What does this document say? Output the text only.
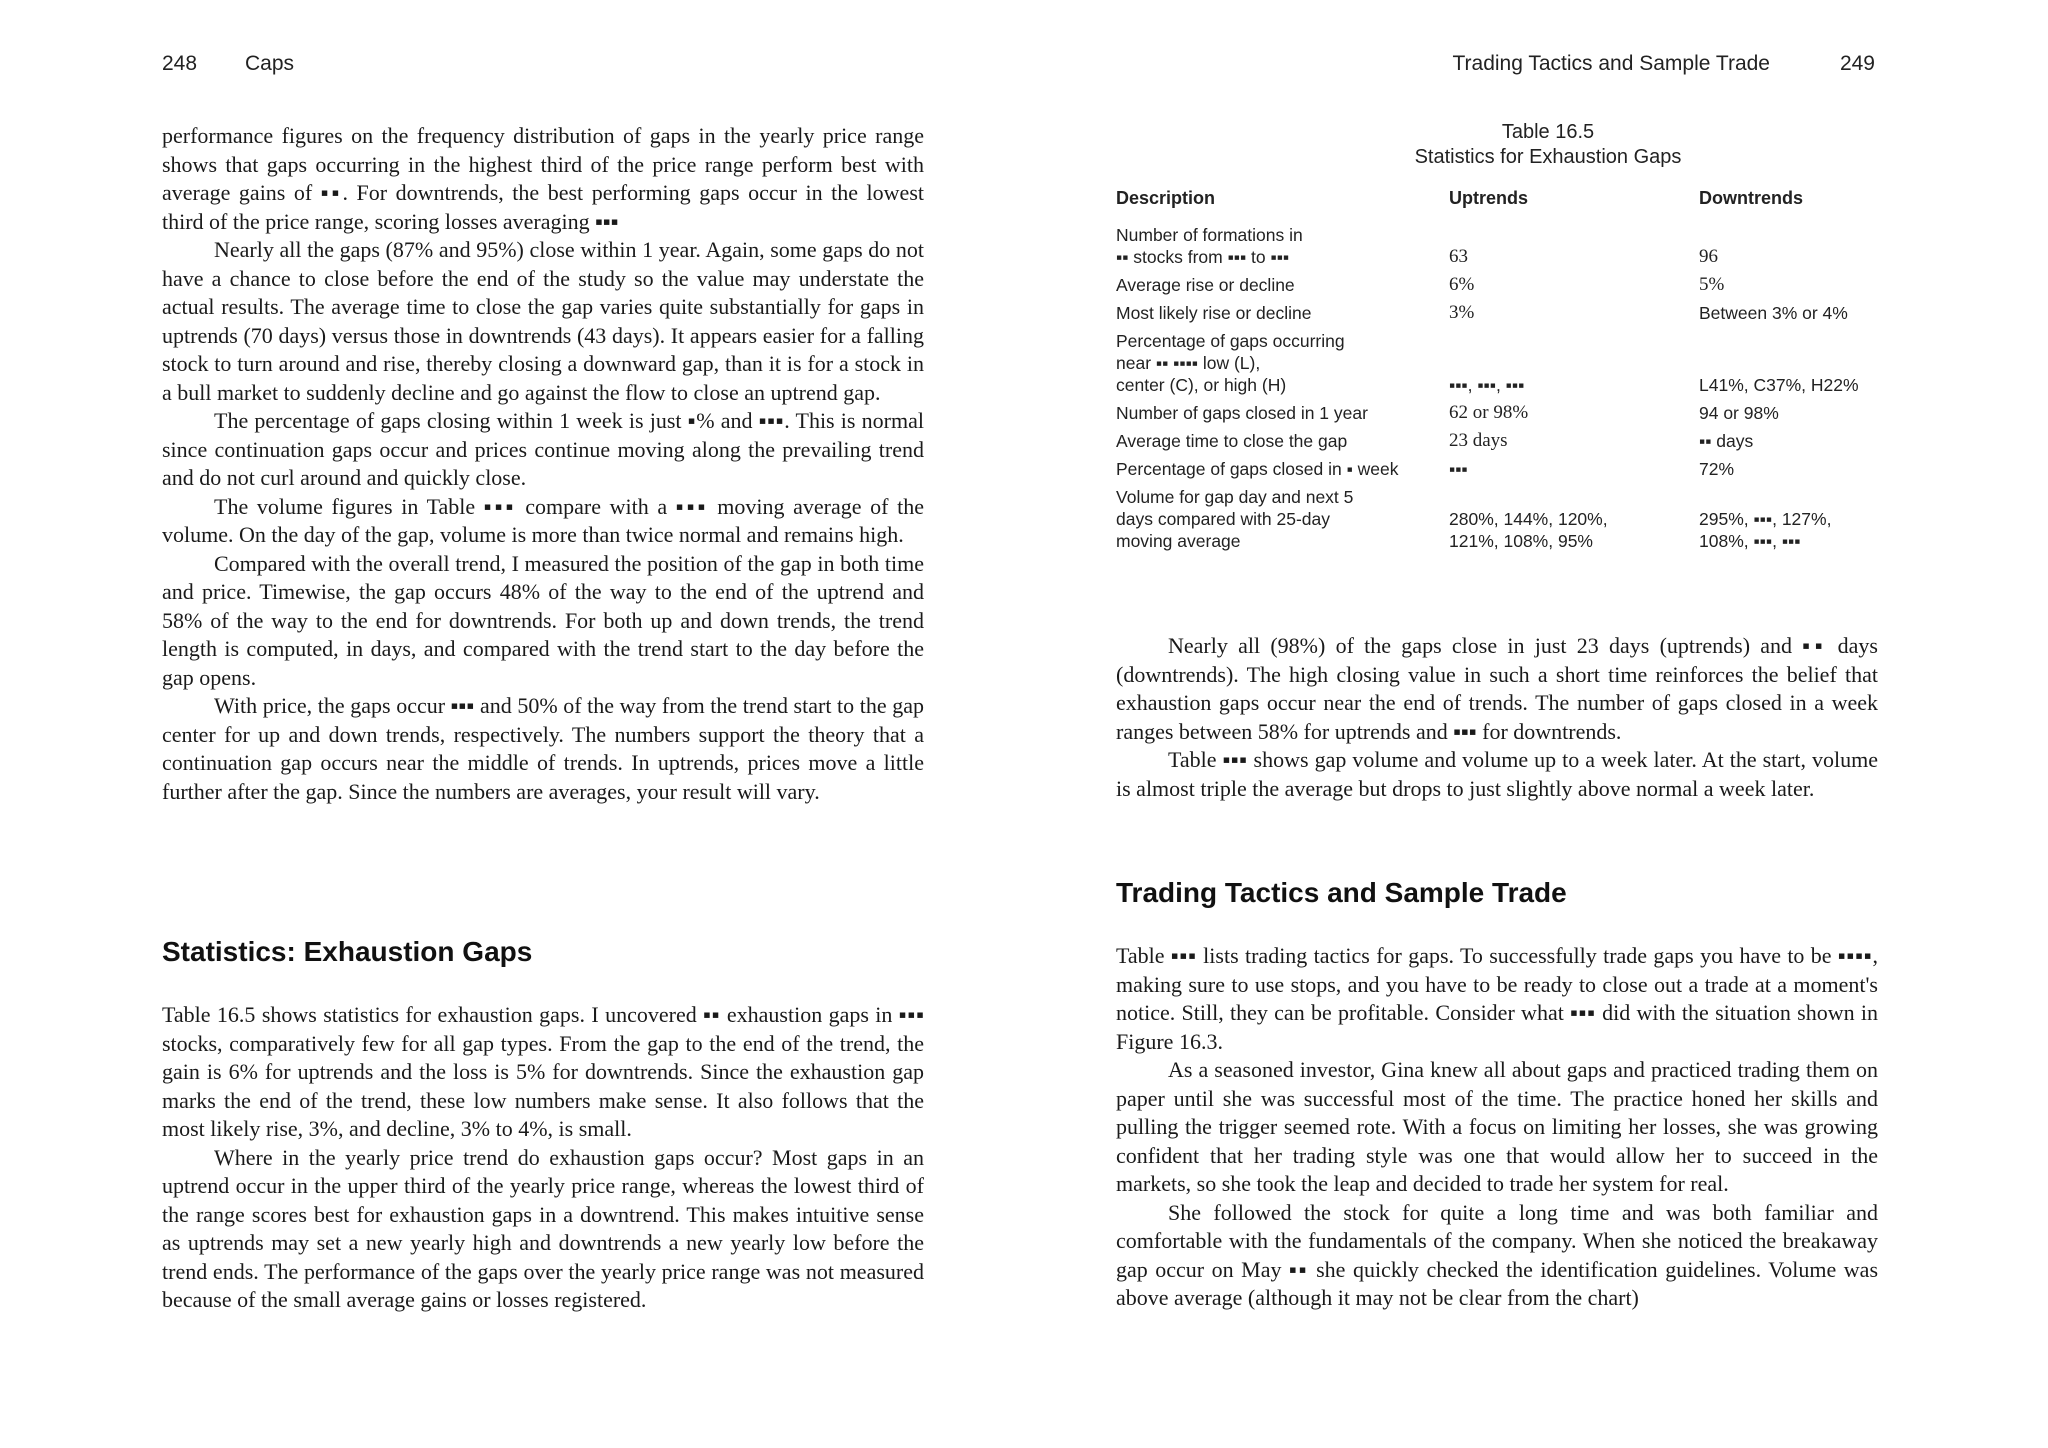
248 Caps

performance figures on the frequency distribution of gaps in the yearly price range shows that gaps occurring in the highest third of the price range perform best with average gains of ▪▪. For downtrends, the best performing gaps occur in the lowest third of the price range, scoring losses averaging ▪▪▪

Nearly all the gaps (87% and 95%) close within 1 year. Again, some gaps do not have a chance to close before the end of the study so the value may understate the actual results. The average time to close the gap varies quite substantially for gaps in uptrends (70 days) versus those in downtrends (43 days). It appears easier for a falling stock to turn around and rise, thereby closing a downward gap, than it is for a stock in a bull market to suddenly decline and go against the flow to close an uptrend gap.

The percentage of gaps closing within 1 week is just ▪% and ▪▪▪. This is normal since continuation gaps occur and prices continue moving along the prevailing trend and do not curl around and quickly close.

The volume figures in Table ▪▪▪ compare with a ▪▪▪ moving average of the volume. On the day of the gap, volume is more than twice normal and remains high.

Compared with the overall trend, I measured the position of the gap in both time and price. Timewise, the gap occurs 48% of the way to the end of the uptrend and 58% of the way to the end for downtrends. For both up and down trends, the trend length is computed, in days, and compared with the trend start to the day before the gap opens.

With price, the gaps occur ▪▪▪ and 50% of the way from the trend start to the gap center for up and down trends, respectively. The numbers support the theory that a continuation gap occurs near the middle of trends. In uptrends, prices move a little further after the gap. Since the numbers are averages, your result will vary.

Statistics: Exhaustion Gaps

Table 16.5 shows statistics for exhaustion gaps. I uncovered ▪▪ exhaustion gaps in ▪▪▪ stocks, comparatively few for all gap types. From the gap to the end of the trend, the gain is 6% for uptrends and the loss is 5% for downtrends. Since the exhaustion gap marks the end of the trend, these low numbers make sense. It also follows that the most likely rise, 3%, and decline, 3% to 4%, is small.

Where in the yearly price trend do exhaustion gaps occur? Most gaps in an uptrend occur in the upper third of the yearly price range, whereas the lowest third of the range scores best for exhaustion gaps in a downtrend. This makes intuitive sense as uptrends may set a new yearly high and downtrends a new yearly low before the trend ends. The performance of the gaps over the yearly price range was not measured because of the small average gains or losses registered.

Trading Tactics and Sample Trade	249
Table 16.5
Statistics for Exhaustion Gaps
Description	Uptrends	Downtrends

Number of formations in
▪▪ stocks from ▪▪▪ to ▪▪▪	63	96

Average rise or decline	6%	5%

Most likely rise or decline	3%	Between 3% or 4%

Percentage of gaps occurring
near ▪▪ ▪▪▪▪ low (L),
center (C), or high (H)	▪▪▪, ▪▪▪, ▪▪▪	L41%, C37%, H22%

Number of gaps closed in 1 year	62 or 98%	94 or 98%

Average time to close the gap	23 days	▪▪ days

Percentage of gaps closed in ▪ week	▪▪▪	72%

Volume for gap day and next 5
days compared with 25-day
moving average	280%, 144%, 120%,
121%, 108%, 95%	295%, ▪▪▪, 127%,
108%, ▪▪▪, ▪▪▪

Nearly all (98%) of the gaps close in just 23 days (uptrends) and ▪▪ days (downtrends). The high closing value in such a short time reinforces the belief that exhaustion gaps occur near the end of trends. The number of gaps closed in a week ranges between 58% for uptrends and ▪▪▪ for downtrends.

Table ▪▪▪ shows gap volume and volume up to a week later. At the start, volume is almost triple the average but drops to just slightly above normal a week later.

Trading Tactics and Sample Trade

Table ▪▪▪ lists trading tactics for gaps. To successfully trade gaps you have to be ▪▪▪▪, making sure to use stops, and you have to be ready to close out a trade at a moment's notice. Still, they can be profitable. Consider what ▪▪▪ did with the situation shown in Figure 16.3.

As a seasoned investor, Gina knew all about gaps and practiced trading them on paper until she was successful most of the time. The practice honed her skills and pulling the trigger seemed rote. With a focus on limiting her losses, she was growing confident that her trading style was one that would allow her to succeed in the markets, so she took the leap and decided to trade her system for real.

She followed the stock for quite a long time and was both familiar and comfortable with the fundamentals of the company. When she noticed the breakaway gap occur on May ▪▪ she quickly checked the identification guidelines. Volume was above average (although it may not be clear from the chart)
